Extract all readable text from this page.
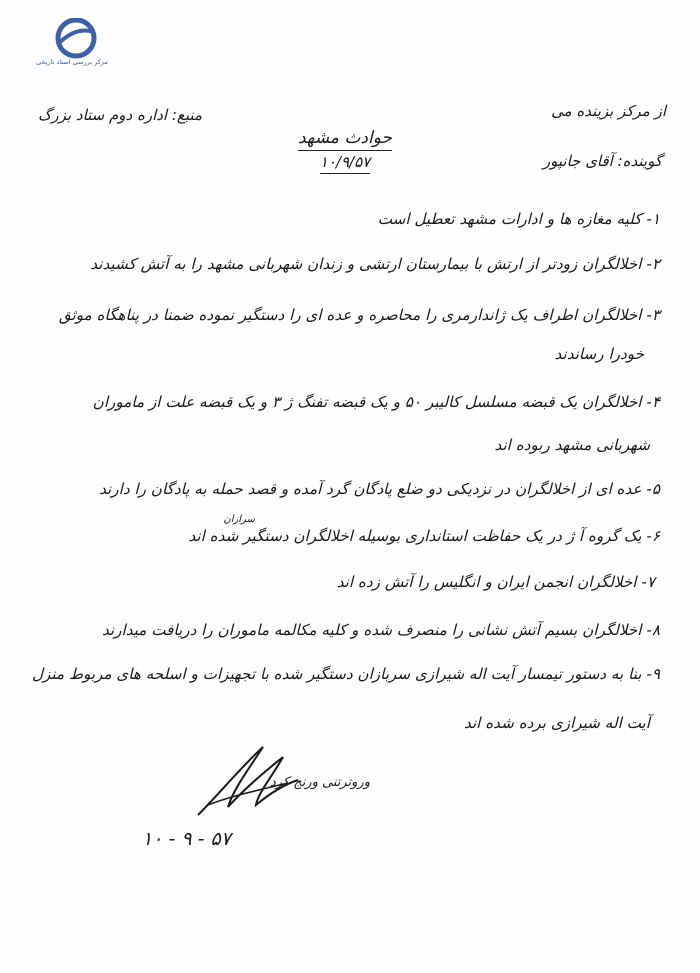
مرکز بررسی اسناد تاریخی
از مرکز بزینده می
منبع: اداره دوم ستاد بزرگ
گوینده: آقای جانپور
حوادث مشهد
۱۰/۹/۵۷
۱- کلیه مغازه ها و ادارات مشهد تعطیل است
۲- اخلالگران زودتر از ارتش با بیمارستان ارتشی و زندان شهربانی مشهد را به آتش کشیدند
۳- اخلالگران اطراف یک ژاندارمری را محاصره و عده ای را دستگیر نموده ضمنا در پناهگاه موثق
خودرا رساندند
۴- اخلالگران یک قبضه مسلسل کالیبر ۵۰ و یک قبضه تفنگ ژ ۳ و یک قبضه علت از ماموران
شهربانی مشهد ربوده اند
۵- عده ای از اخلالگران در نزدیکی دو ضلع پادگان گرد آمده و قصد حمله به پادگان را دارند
سرازان
۶- یک گروه آ ژ در یک حفاظت استانداری بوسیله اخلالگران دستگیر شده اند
۷- اخلالگران انجمن ایران و انگلیس را آتش زده اند
۸- اخلالگران بسیم آتش نشانی را منصرف شده و کلیه مکالمه ماموران را دریافت میدارند
۹- بنا به دستور تیمسار آیت اله شیرازی سربازان دستگیر شده با تجهیزات و اسلحه های مربوط منزل
آیت اله شیرازی برده شده اند
وروترتنی ورنج کرد
۱۰ - ۹ - ۵۷
